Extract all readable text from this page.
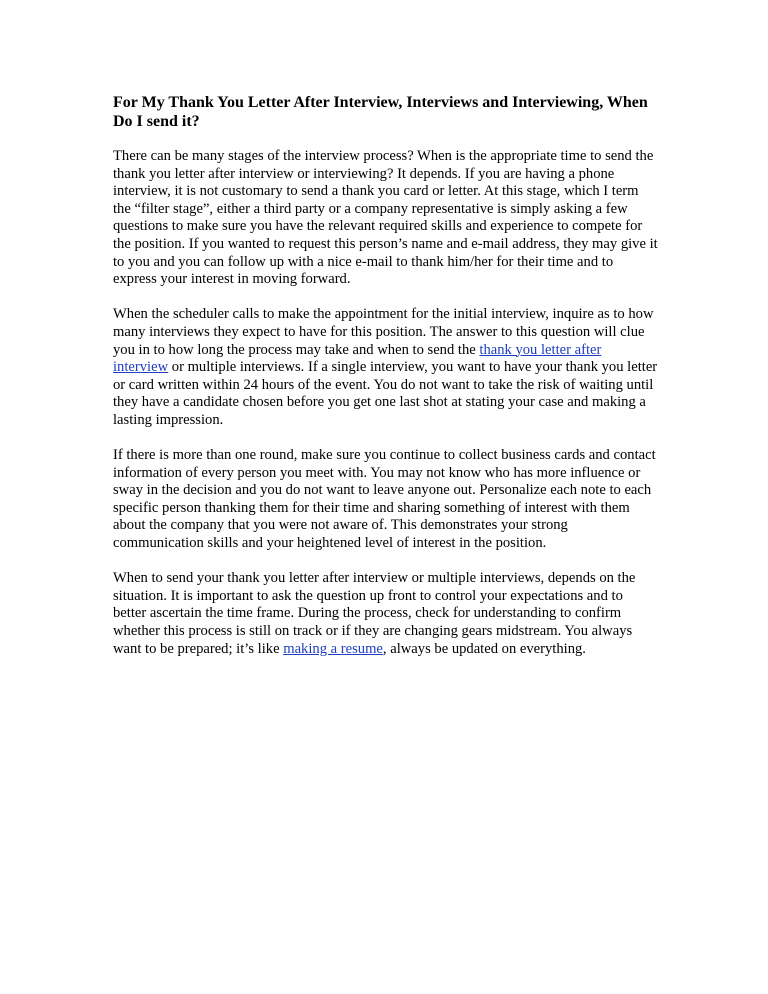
For My Thank You Letter After Interview, Interviews and Interviewing, When Do I send it?

There can be many stages of the interview process? When is the appropriate time to send the thank you letter after interview or interviewing? It depends. If you are having a phone interview, it is not customary to send a thank you card or letter. At this stage, which I term the “filter stage”, either a third party or a company representative is simply asking a few questions to make sure you have the relevant required skills and experience to compete for the position. If you wanted to request this person’s name and e-mail address, they may give it to you and you can follow up with a nice e-mail to thank him/her for their time and to express your interest in moving forward.

When the scheduler calls to make the appointment for the initial interview, inquire as to how many interviews they expect to have for this position. The answer to this question will clue you in to how long the process may take and when to send the thank you letter after interview or multiple interviews. If a single interview, you want to have your thank you letter or card written within 24 hours of the event. You do not want to take the risk of waiting until they have a candidate chosen before you get one last shot at stating your case and making a lasting impression.

If there is more than one round, make sure you continue to collect business cards and contact information of every person you meet with. You may not know who has more influence or sway in the decision and you do not want to leave anyone out. Personalize each note to each specific person thanking them for their time and sharing something of interest with them about the company that you were not aware of. This demonstrates your strong communication skills and your heightened level of interest in the position.

When to send your thank you letter after interview or multiple interviews, depends on the situation. It is important to ask the question up front to control your expectations and to better ascertain the time frame. During the process, check for understanding to confirm whether this process is still on track or if they are changing gears midstream. You always want to be prepared; it’s like making a resume, always be updated on everything.
